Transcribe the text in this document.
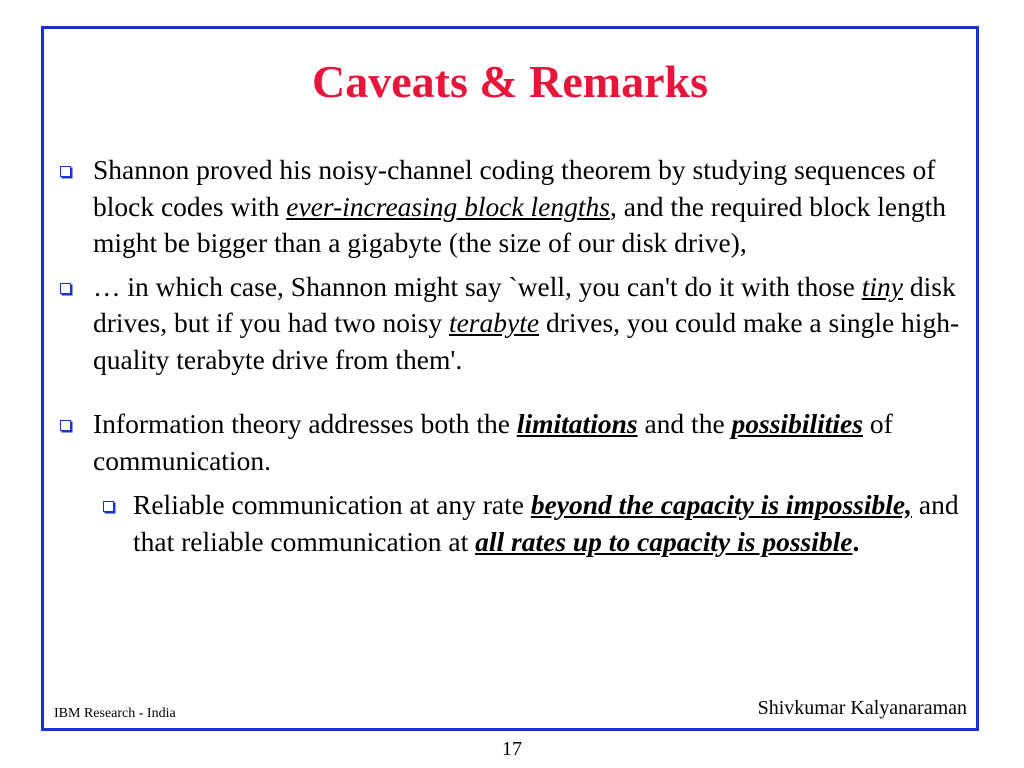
Caveats & Remarks
Shannon proved his noisy-channel coding theorem by studying sequences of block codes with ever-increasing block lengths, and the required block length might be bigger than a gigabyte (the size of our disk drive),
… in which case, Shannon might say `well, you can't do it with those tiny disk drives, but if you had two noisy terabyte drives, you could make a single high-quality terabyte drive from them'.
Information theory addresses both the limitations and the possibilities of communication.
Reliable communication at any rate beyond the capacity is impossible, and that reliable communication at all rates up to capacity is possible.
IBM Research - India	Shivkumar Kalyanaraman
17
